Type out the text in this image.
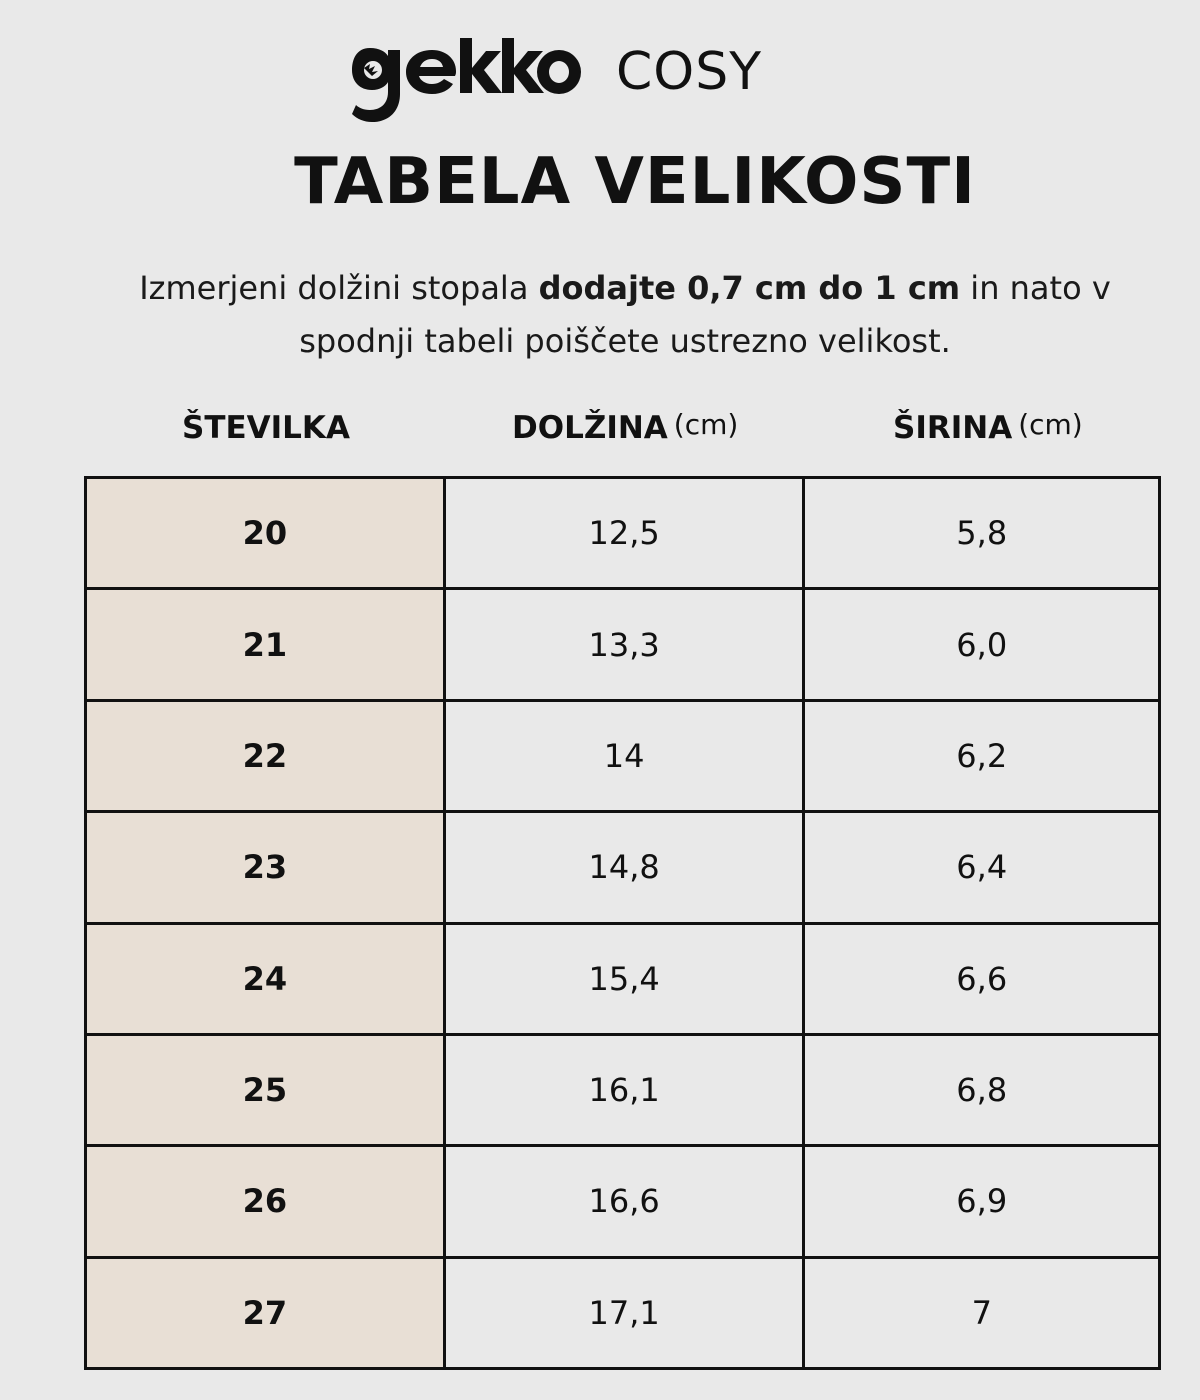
COSY
TABELA VELIKOSTI
Izmerjeni dolžini stopala dodajte 0,7 cm do 1 cm in nato v spodnji tabeli poiščete ustrezno velikost.
ŠTEVILKA	DOLŽINA (cm)	ŠIRINA (cm)
20	12,5	5,8
21	13,3	6,0
22	14	6,2
23	14,8	6,4
24	15,4	6,6
25	16,1	6,8
26	16,6	6,9
27	17,1	7
